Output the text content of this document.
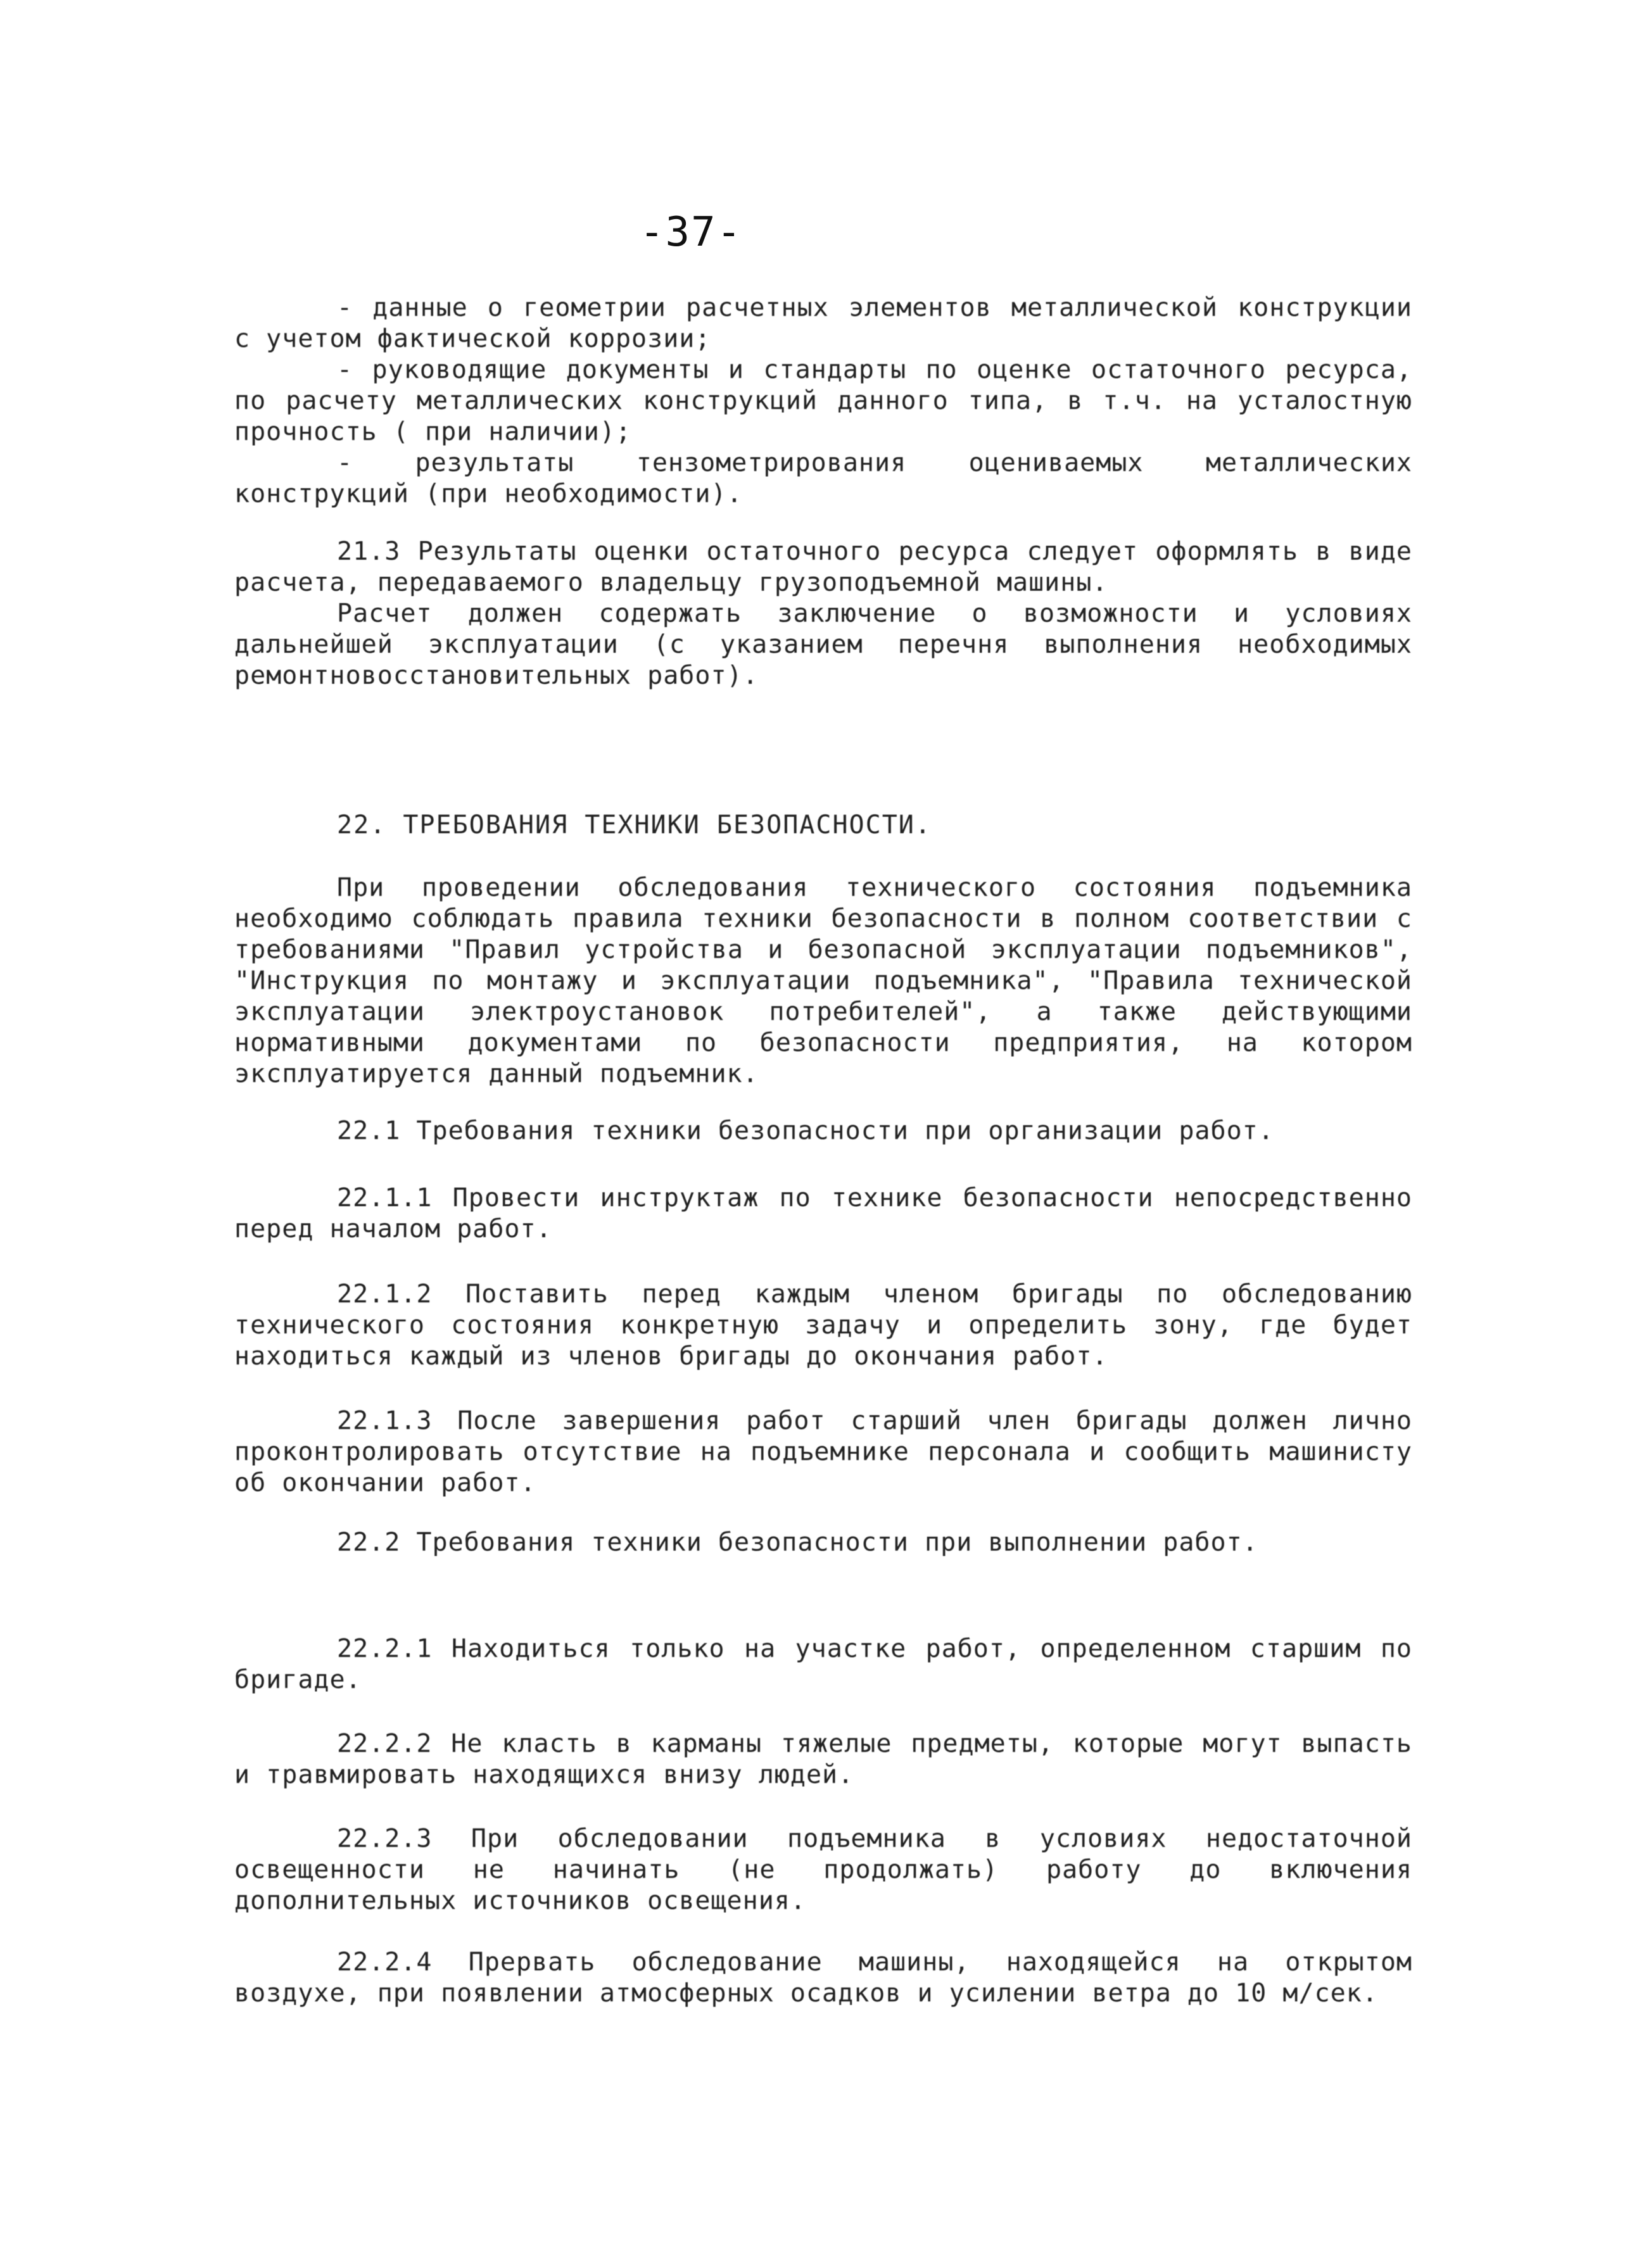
-37-
- данные о геометрии расчетных элементов металлической конструкции с учетом фактической коррозии;
- руководящие документы и стандарты по оценке остаточного ресурса, по расчету металлических конструкций данного типа, в т.ч. на усталостную прочность ( при наличии);
- результаты тензометрирования оцениваемых металлических конструкций (при необходимости).
21.3 Результаты оценки остаточного ресурса следует оформлять в виде расчета, передаваемого владельцу грузоподъемной машины.
Расчет должен содержать заключение о возможности и условиях дальнейшей эксплуатации (с указанием перечня выполнения необходимых ремонтновосстановительных работ).
22. ТРЕБОВАНИЯ ТЕХНИКИ БЕЗОПАСНОСТИ.
При проведении обследования технического состояния подъемника необходимо соблюдать правила техники безопасности в полном соответствии с требованиями "Правил устройства и безопасной эксплуатации подъемников", "Инструкция по монтажу и эксплуатации подъемника", "Правила технической эксплуатации электроустановок потребителей", а также действующими нормативными документами по безопасности предприятия, на котором эксплуатируется данный подъемник.
22.1 Требования техники безопасности при организации работ.
22.1.1 Провести инструктаж по технике безопасности непосредственно перед началом работ.
22.1.2 Поставить перед каждым членом бригады по обследованию технического состояния конкретную задачу и определить зону, где будет находиться каждый из членов бригады до окончания работ.
22.1.3 После завершения работ старший член бригады должен лично проконтролировать отсутствие на подъемнике персонала и сообщить машинисту об окончании работ.
22.2 Требования техники безопасности при выполнении работ.
22.2.1 Находиться только на участке работ, определенном старшим по бригаде.
22.2.2 Не класть в карманы тяжелые предметы, которые могут выпасть и травмировать находящихся внизу людей.
22.2.3 При обследовании подъемника в условиях недостаточной освещенности не начинать (не продолжать) работу до включения дополнительных источников освещения.
22.2.4 Прервать обследование машины, находящейся на открытом воздухе, при появлении атмосферных осадков и усилении ветра до 10 м/сек.
